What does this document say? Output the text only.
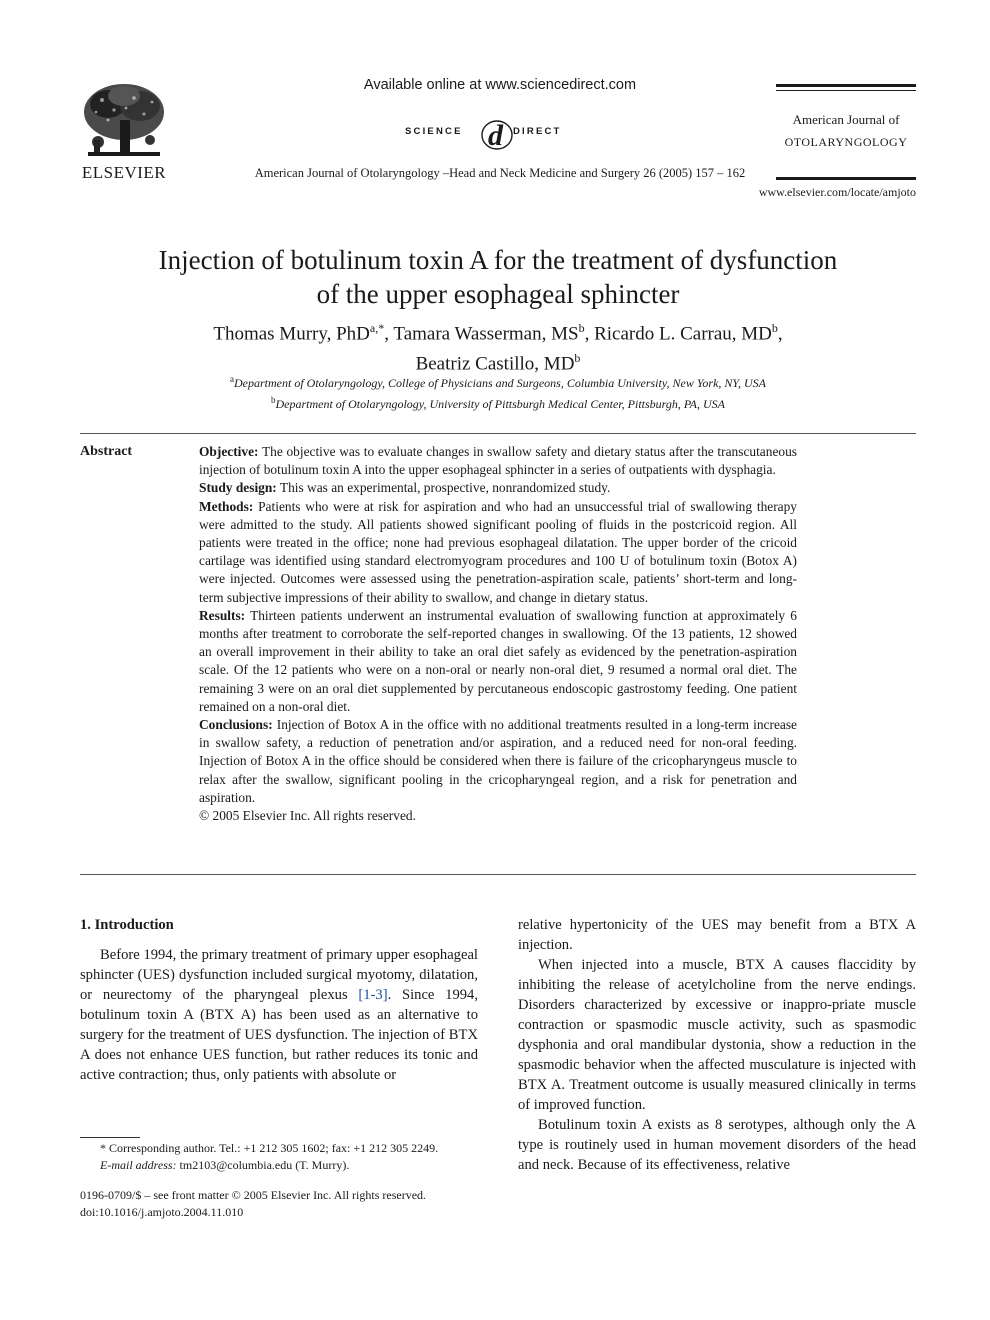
ELSEVIER
Available online at www.sciencedirect.com
SCIENCE d DIRECT
American Journal of Otolaryngology –Head and Neck Medicine and Surgery 26 (2005) 157 – 162
American Journal of
OTOLARYNGOLOGY
www.elsevier.com/locate/amjoto
Injection of botulinum toxin A for the treatment of dysfunction
of the upper esophageal sphincter
Thomas Murry, PhD$^{a,*}$, Tamara Wasserman, $MS^b$, Ricardo L. Carrau, $MD^b$,
Beatriz Castillo, $MD^b$
$^a$Department of Otolaryngology, College of Physicians and Surgeons, Columbia University, New York, NY, USA
$^b$Department of Otolaryngology, University of Pittsburgh Medical Center, Pittsburgh, PA, USA
Abstract	Objective: The objective was to evaluate changes in swallow safety and dietary status after the transcutaneous injection of botulinum toxin A into the upper esophageal sphincter in a series of outpatients with dysphagia.

Study design: This was an experimental, prospective, nonrandomized study.

Methods: Patients who were at risk for aspiration and who had an unsuccessful trial of swallowing therapy were admitted to the study. All patients showed significant pooling of fluids in the postcricoid region. All patients were treated in the office; none had previous esophageal dilatation. The upper border of the cricoid cartilage was identified using standard electromyogram procedures and 100 U of botulinum toxin (Botox A) were injected. Outcomes were assessed using the penetration-aspiration scale, patients’ short-term and long-term subjective impressions of their ability to swallow, and change in dietary status.

Results: Thirteen patients underwent an instrumental evaluation of swallowing function at approximately 6 months after treatment to corroborate the self-reported changes in swallowing. Of the 13 patients, 12 showed an overall improvement in their ability to take an oral diet safely as evidenced by the penetration-aspiration scale. Of the 12 patients who were on a non-oral or nearly non-oral diet, 9 resumed a normal oral diet. The remaining 3 were on an oral diet supplemented by percutaneous endoscopic gastrostomy feeding. One patient remained on a non-oral diet.

Conclusions: Injection of Botox A in the office with no additional treatments resulted in a long-term increase in swallow safety, a reduction of penetration and/or aspiration, and a reduced need for non-oral feeding. Injection of Botox A in the office should be considered when there is failure of the cricopharyngeus muscle to relax after the swallow, significant pooling in the cricopharyngeal region, and a risk for penetration and aspiration.

© 2005 Elsevier Inc. All rights reserved.

1. Introduction

Before 1994, the primary treatment of primary upper esophageal sphincter (UES) dysfunction included surgical myotomy, dilatation, or neurectomy of the pharyngeal plexus [1-3]. Since 1994, botulinum toxin A (BTX A) has been used as an alternative to surgery for the treatment of UES dysfunction. The injection of BTX A does not enhance UES function, but rather reduces its tonic and active contraction; thus, only patients with absolute or

relative hypertonicity of the UES may benefit from a BTX A injection.

When injected into a muscle, BTX A causes flaccidity by inhibiting the release of acetylcholine from the nerve endings. Disorders characterized by excessive or inappro-priate muscle contraction or spasmodic muscle activity, such as spasmodic dysphonia and oral mandibular dystonia, show a reduction in the spasmodic behavior when the affected musculature is injected with BTX A. Treatment outcome is usually measured clinically in terms of improved function.

Botulinum toxin A exists as 8 serotypes, although only the A type is routinely used in human movement disorders of the head and neck. Because of its effectiveness, relative

* Corresponding author. Tel.: +1 212 305 1602; fax: +1 212 305 2249.
E-mail address: tm2103@columbia.edu (T. Murry).
0196-0709/$ – see front matter © 2005 Elsevier Inc. All rights reserved.
doi:10.1016/j.amjoto.2004.11.010
